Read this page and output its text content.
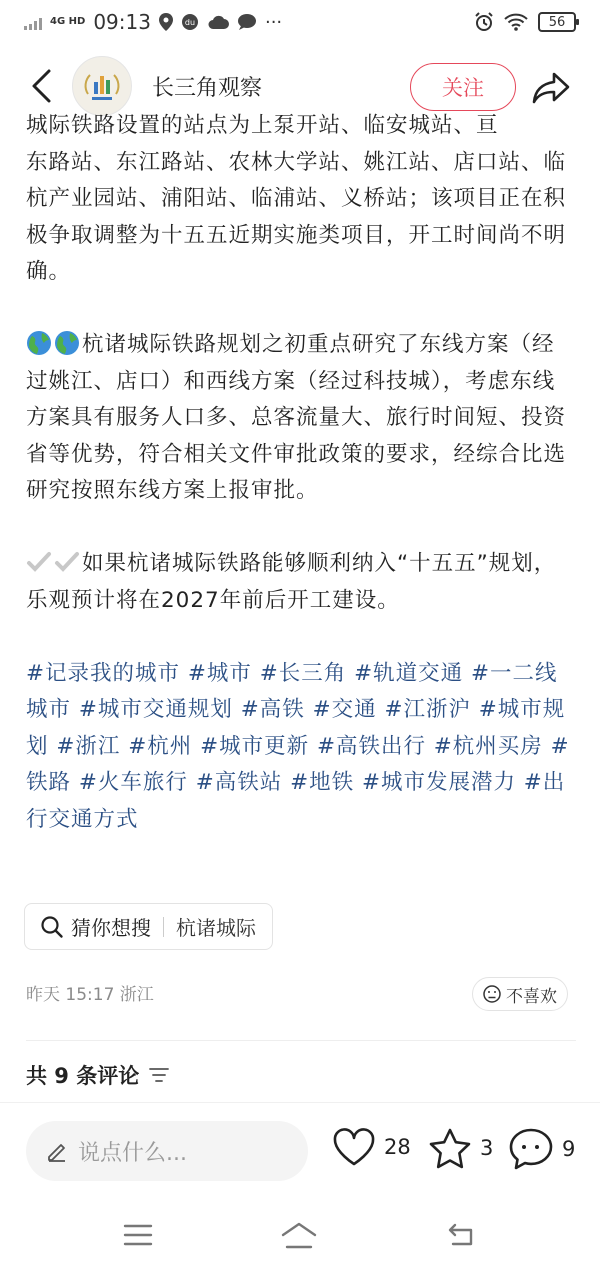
4G HD 09:13	du	···	56
长三角观察	关注
城际铁路设置的站点为上泵开站、临安城站、亘

东路站、东江路站、农林大学站、姚江站、店口站、临杭产业园站、浦阳站、临浦站、义桥站；该项目正在积极争取调整为十五五近期实施类项目，开工时间尚不明确。

杭诸城际铁路规划之初重点研究了东线方案（经过姚江、店口）和西线方案（经过科技城），考虑东线方案具有服务人口多、总客流量大、旅行时间短、投资省等优势，符合相关文件审批政策的要求，经综合比选研究按照东线方案上报审批。

如果杭诸城际铁路能够顺利纳入“十五五”规划，乐观预计将在2027年前后开工建设。

#记录我的城市 #城市 #长三角 #轨道交通 #一二线城市 #城市交通规划 #高铁 #交通 #江浙沪 #城市规划 #浙江 #杭州 #城市更新 #高铁出行 #杭州买房 #铁路 #火车旅行 #高铁站 #地铁 #城市发展潜力 #出行交通方式
猜你想搜 杭诸城际
昨天 15:17 浙江	不喜欢
共 9 条评论
说点什么...	28	3	9
